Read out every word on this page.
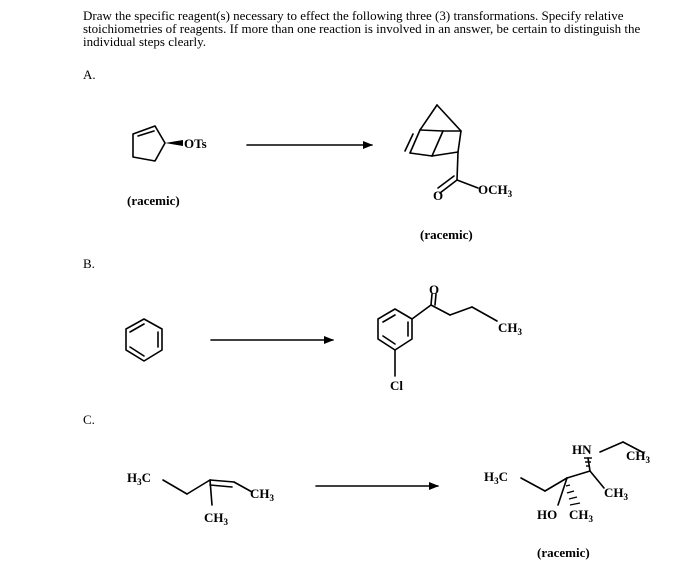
Draw the specific reagent(s) necessary to effect the following three (3) transformations. Specify relative stoichiometries of reagents. If more than one reaction is involved in an answer, be certain to distinguish the individual steps clearly.
A.
B.
C.
OTs
(racemic)	O	$OCH_3$
(racemic)
O
$CH_3$
Cl
$H_3C$
$CH_3$
$CH_3$
$H_3C$
HN	$CH_3$
$CH_3$
HO $CH_3$
(racemic)
